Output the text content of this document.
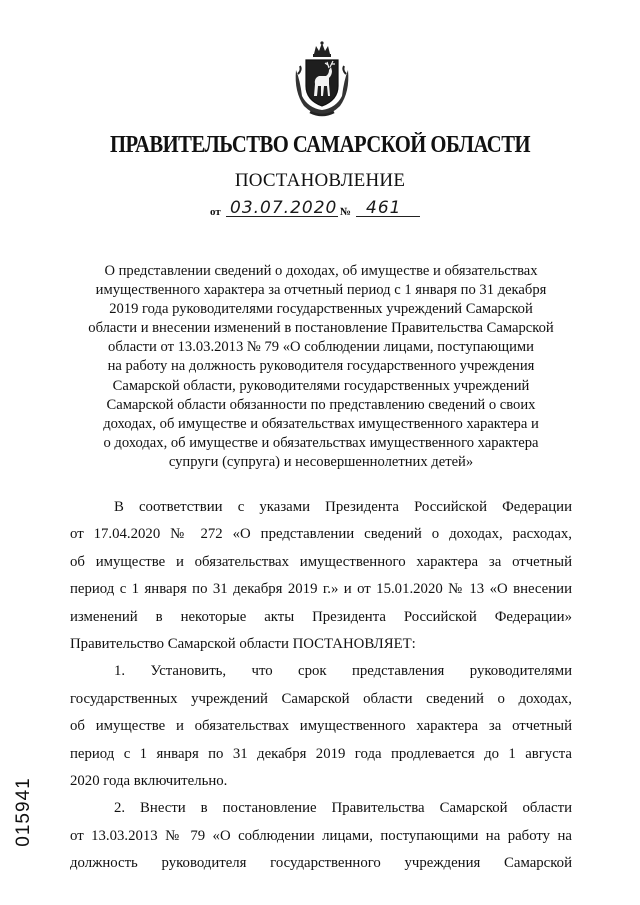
ПРАВИТЕЛЬСТВО САМАРСКОЙ ОБЛАСТИ
ПОСТАНОВЛЕНИЕ
от 03.07.2020 № 461
О представлении сведений о доходах, об имуществе и обязательствах
имущественного характера за отчетный период с 1 января по 31 декабря
2019 года руководителями государственных учреждений Самарской
области и внесении изменений в постановление Правительства Самарской
области от 13.03.2013 № 79 «О соблюдении лицами, поступающими
на работу на должность руководителя государственного учреждения
Самарской области, руководителями государственных учреждений
Самарской области обязанности по представлению сведений о своих
доходах, об имуществе и обязательствах имущественного характера и
о доходах, об имуществе и обязательствах имущественного характера
супруги (супруга) и несовершеннолетних детей»
В соответствии с указами Президента Российской Федерации
от 17.04.2020 № 272 «О представлении сведений о доходах, расходах,
об имуществе и обязательствах имущественного характера за отчетный
период с 1 января по 31 декабря 2019 г.» и от 15.01.2020 № 13 «О внесении
изменений в некоторые акты Президента Российской Федерации»
Правительство Самарской области ПОСТАНОВЛЯЕТ:
1. Установить, что срок представления руководителями
государственных учреждений Самарской области сведений о доходах,
об имуществе и обязательствах имущественного характера за отчетный
период с 1 января по 31 декабря 2019 года продлевается до 1 августа
2020 года включительно.
2. Внести в постановление Правительства Самарской области
от 13.03.2013 № 79 «О соблюдении лицами, поступающими на работу на
должность руководителя государственного учреждения Самарской
015941
